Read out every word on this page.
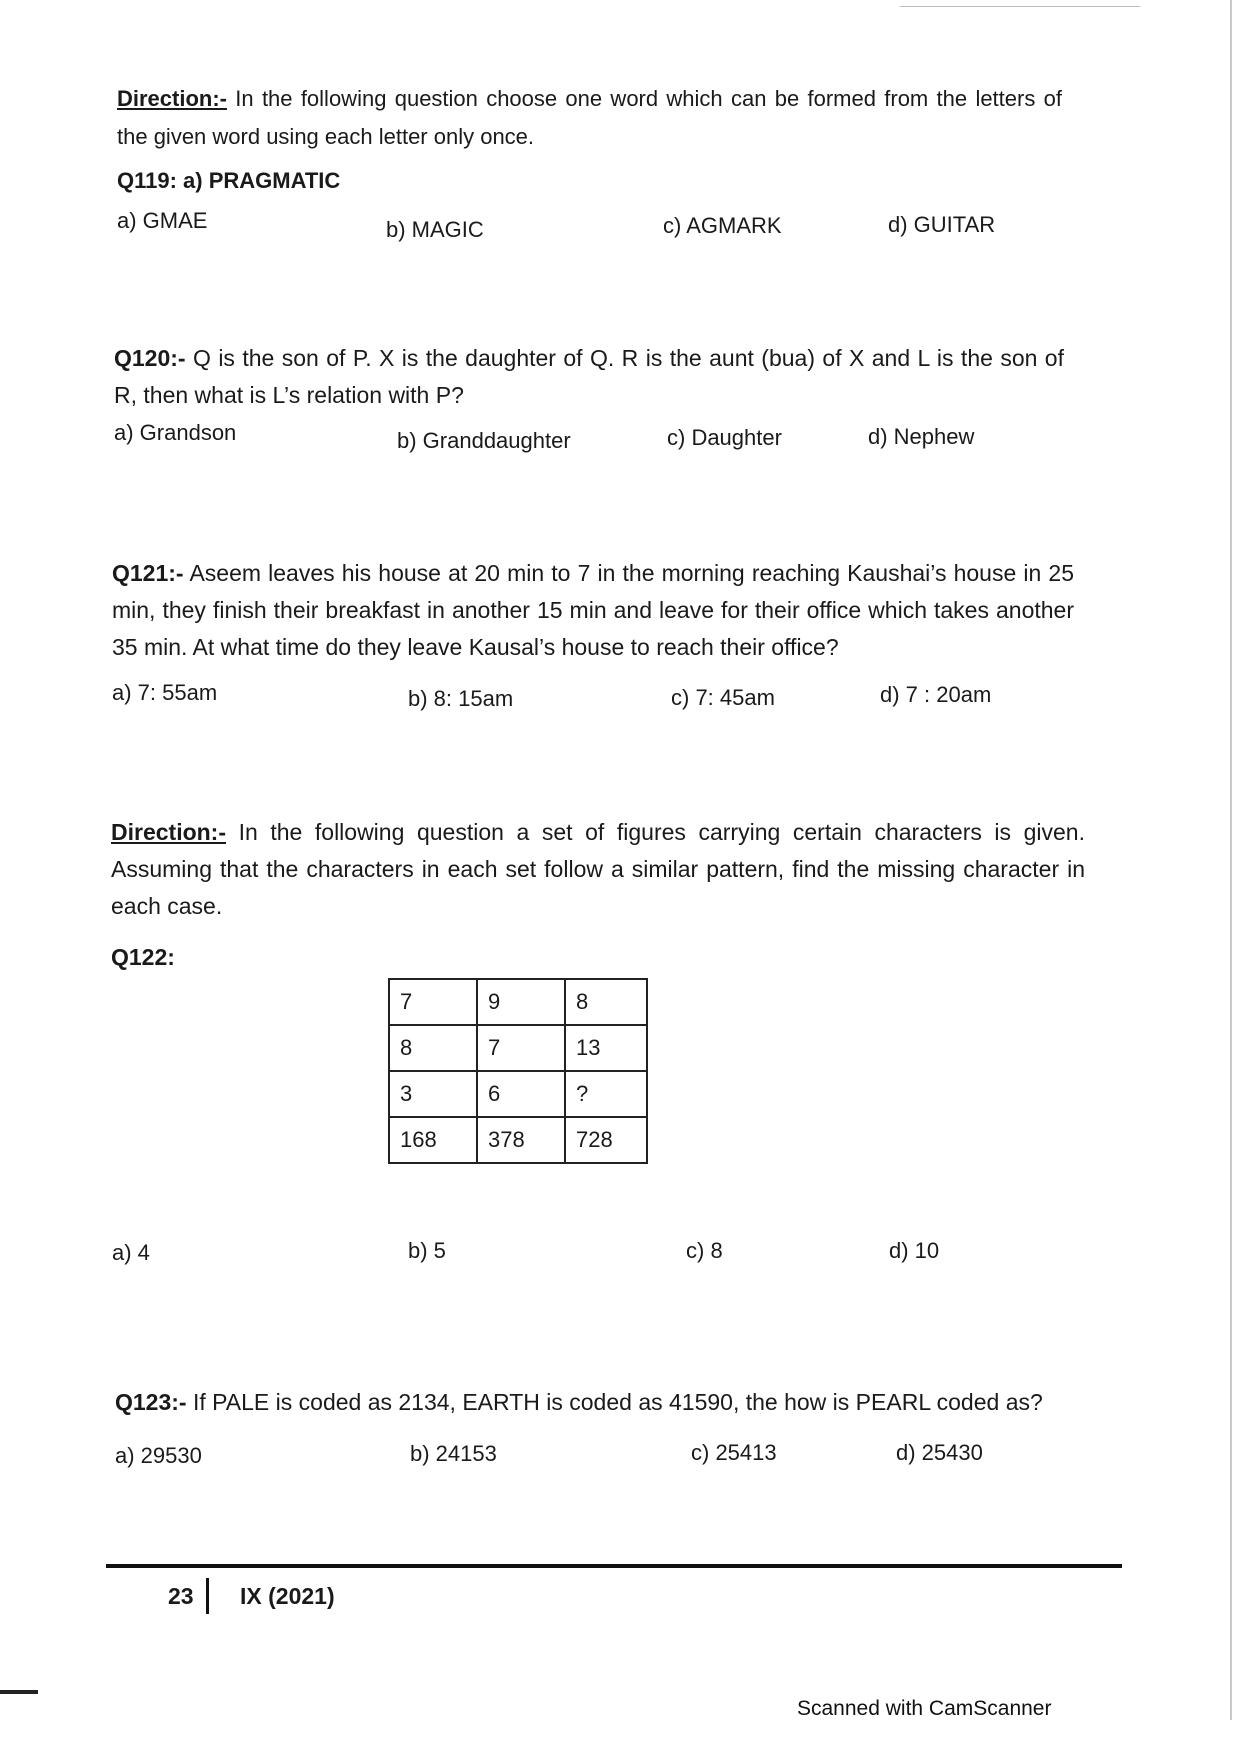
Direction:- In the following question choose one word which can be formed from the letters of the given word using each letter only once.
Q119: a) PRAGMATIC
a) GMAE	b) MAGIC	c) AGMARK	d) GUITAR
Q120:- Q is the son of P. X is the daughter of Q. R is the aunt (bua) of X and L is the son of R, then what is L’s relation with P?
a) Grandson	b) Granddaughter	c) Daughter	d) Nephew
Q121:- Aseem leaves his house at 20 min to 7 in the morning reaching Kaushai’s house in 25 min, they finish their breakfast in another 15 min and leave for their office which takes another 35 min. At what time do they leave Kausal’s house to reach their office?
a) 7: 55am	b) 8: 15am	c) 7: 45am	d) 7 : 20am
Direction:- In the following question a set of figures carrying certain characters is given. Assuming that the characters in each set follow a similar pattern, find the missing character in each case.
Q122:
7	9	8
8	7	13
3	6	?
168	378	728
a) 4	b) 5	c) 8	d) 10
Q123:- If PALE is coded as 2134, EARTH is coded as 41590, the how is PEARL coded as?
a) 29530	b) 24153	c) 25413	d) 25430
23 IX (2021)
Scanned with CamScanner
